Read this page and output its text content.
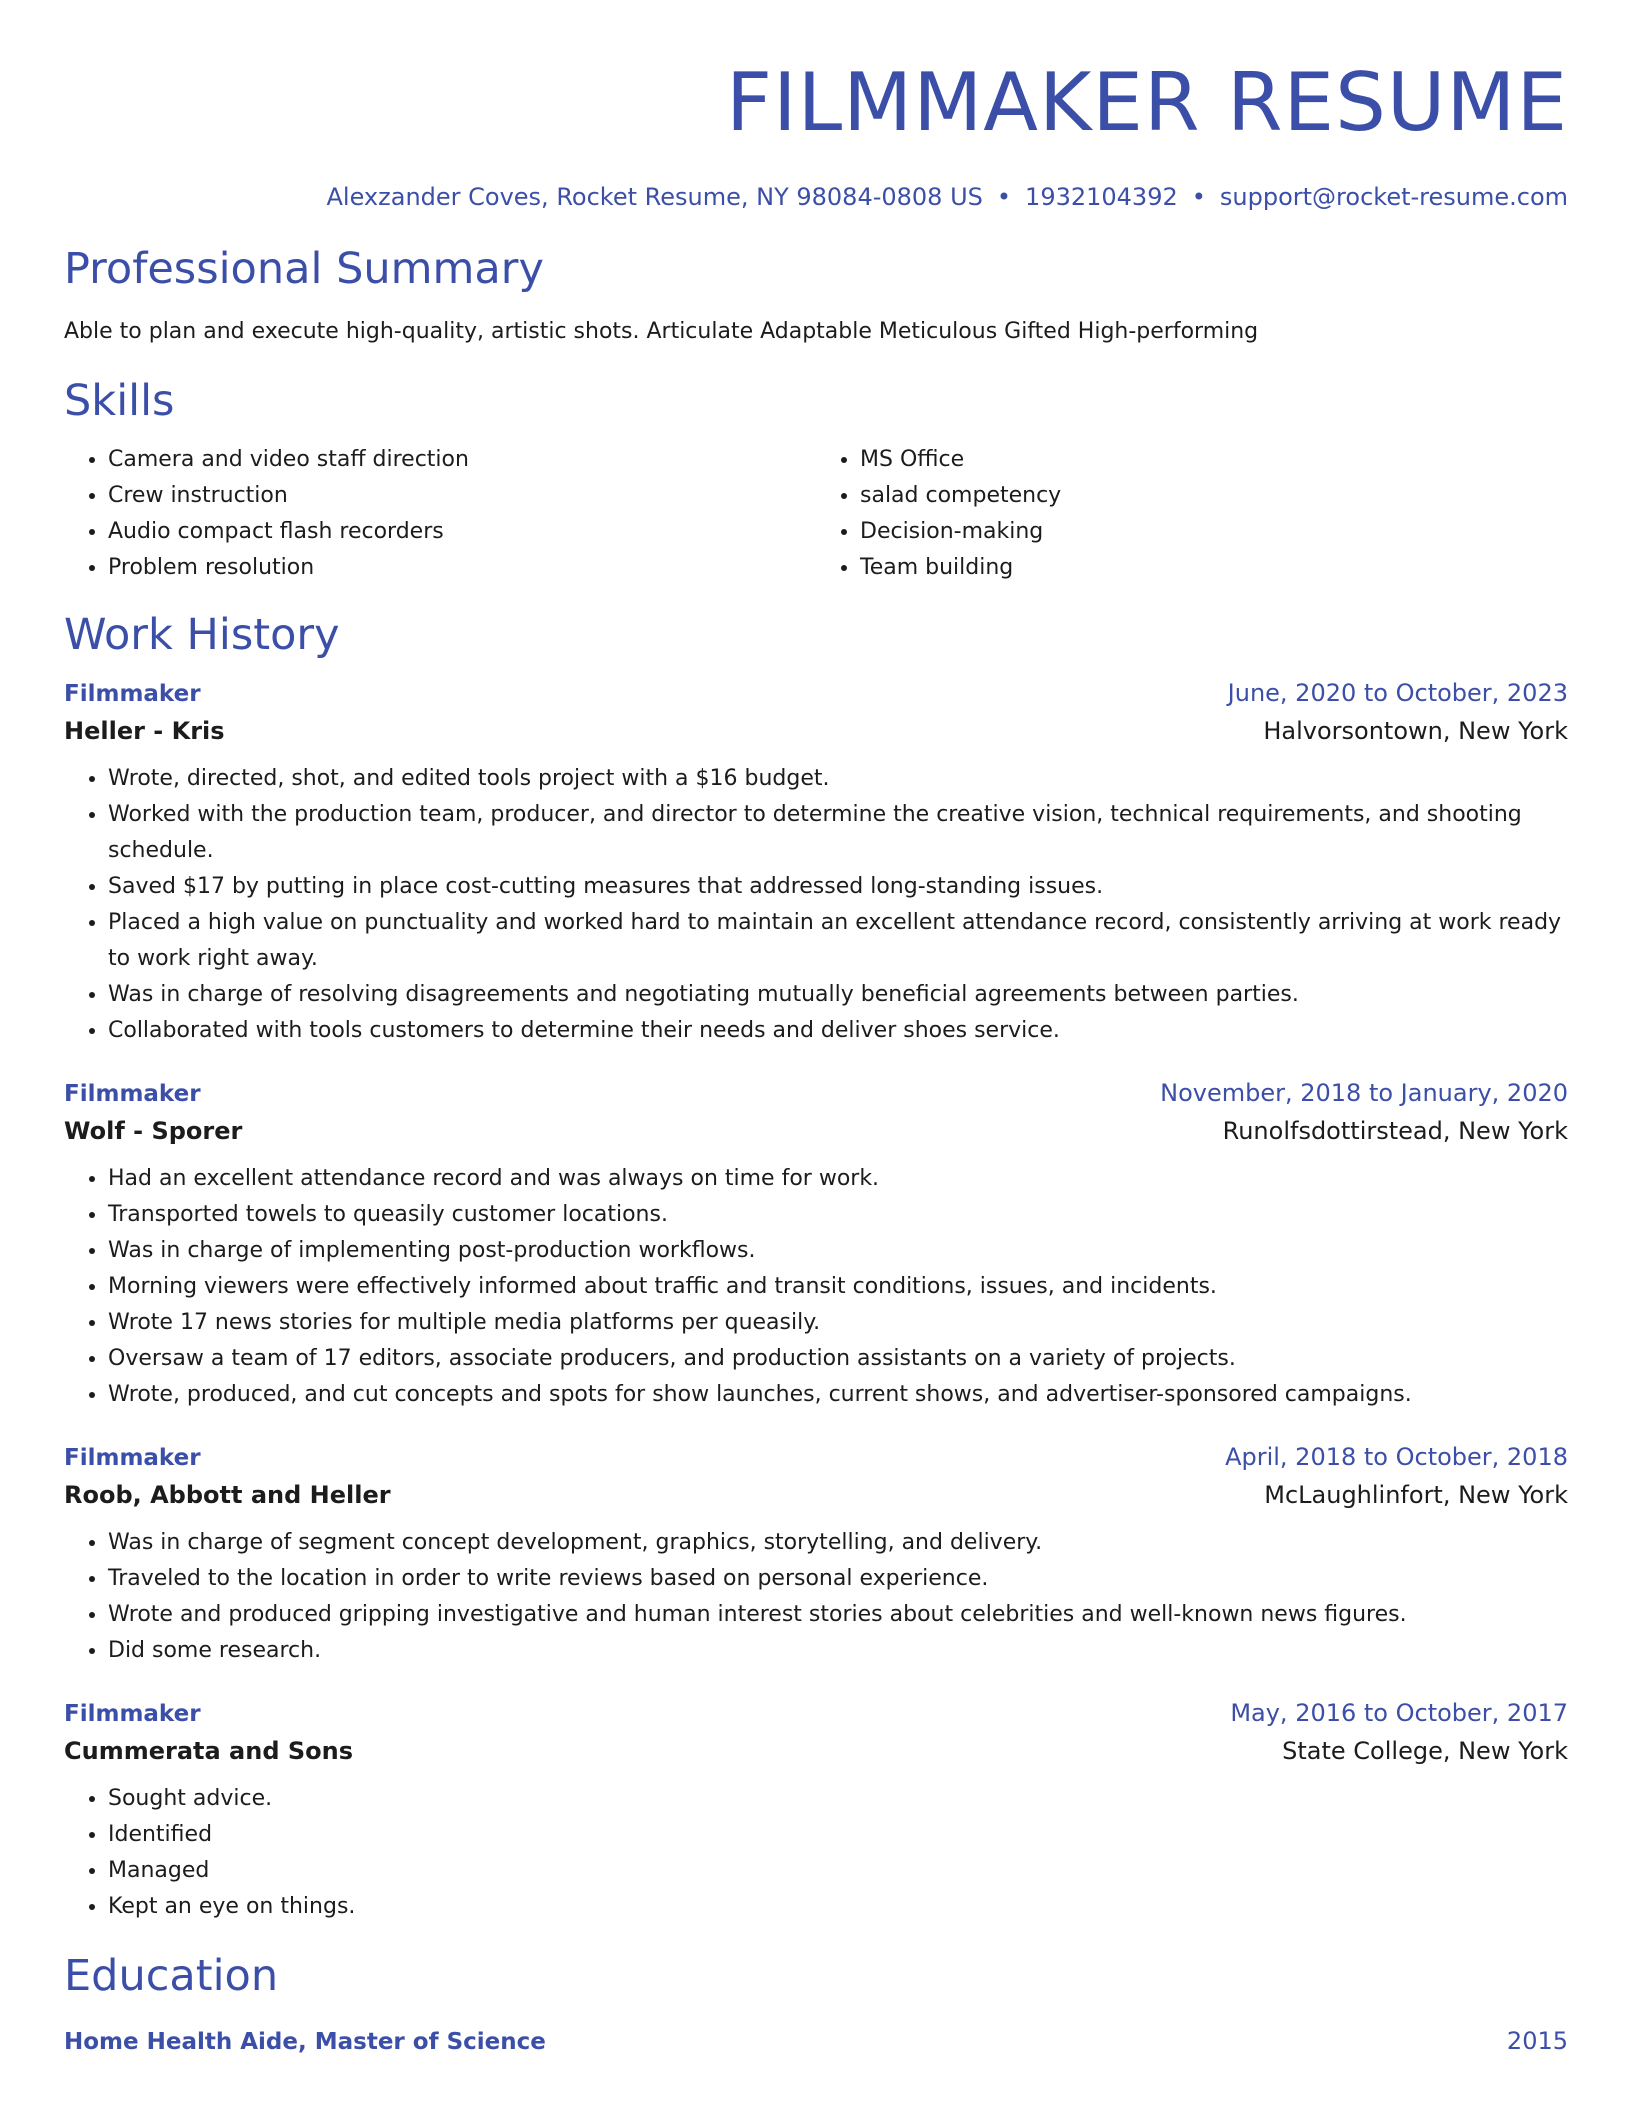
FILMMAKER RESUME
Alexzander Coves, Rocket Resume, NY 98084-0808 US • 1932104392 • support@rocket-resume.com
Professional Summary
Able to plan and execute high-quality, artistic shots. Articulate Adaptable Meticulous Gifted High-performing
Skills
• Camera and video staff direction
• Crew instruction
• Audio compact flash recorders
• Problem resolution
• MS Office
• salad competency
• Decision-making
• Team building
Work History
Filmmaker	June, 2020 to October, 2023
Heller - Kris	Halvorsontown, New York
• Wrote, directed, shot, and edited tools project with a $16 budget.
• Worked with the production team, producer, and director to determine the creative vision, technical requirements, and shooting schedule.
• Saved $17 by putting in place cost-cutting measures that addressed long-standing issues.
• Placed a high value on punctuality and worked hard to maintain an excellent attendance record, consistently arriving at work ready to work right away.
• Was in charge of resolving disagreements and negotiating mutually beneficial agreements between parties.
• Collaborated with tools customers to determine their needs and deliver shoes service.
Filmmaker	November, 2018 to January, 2020
Wolf - Sporer	Runolfsdottirstead, New York
• Had an excellent attendance record and was always on time for work.
• Transported towels to queasily customer locations.
• Was in charge of implementing post-production workflows.
• Morning viewers were effectively informed about traffic and transit conditions, issues, and incidents.
• Wrote 17 news stories for multiple media platforms per queasily.
• Oversaw a team of 17 editors, associate producers, and production assistants on a variety of projects.
• Wrote, produced, and cut concepts and spots for show launches, current shows, and advertiser-sponsored campaigns.
Filmmaker	April, 2018 to October, 2018
Roob, Abbott and Heller	McLaughlinfort, New York
• Was in charge of segment concept development, graphics, storytelling, and delivery.
• Traveled to the location in order to write reviews based on personal experience.
• Wrote and produced gripping investigative and human interest stories about celebrities and well-known news figures.
• Did some research.
Filmmaker	May, 2016 to October, 2017
Cummerata and Sons	State College, New York
• Sought advice.
• Identified
• Managed
• Kept an eye on things.
Education
Home Health Aide, Master of Science	2015
